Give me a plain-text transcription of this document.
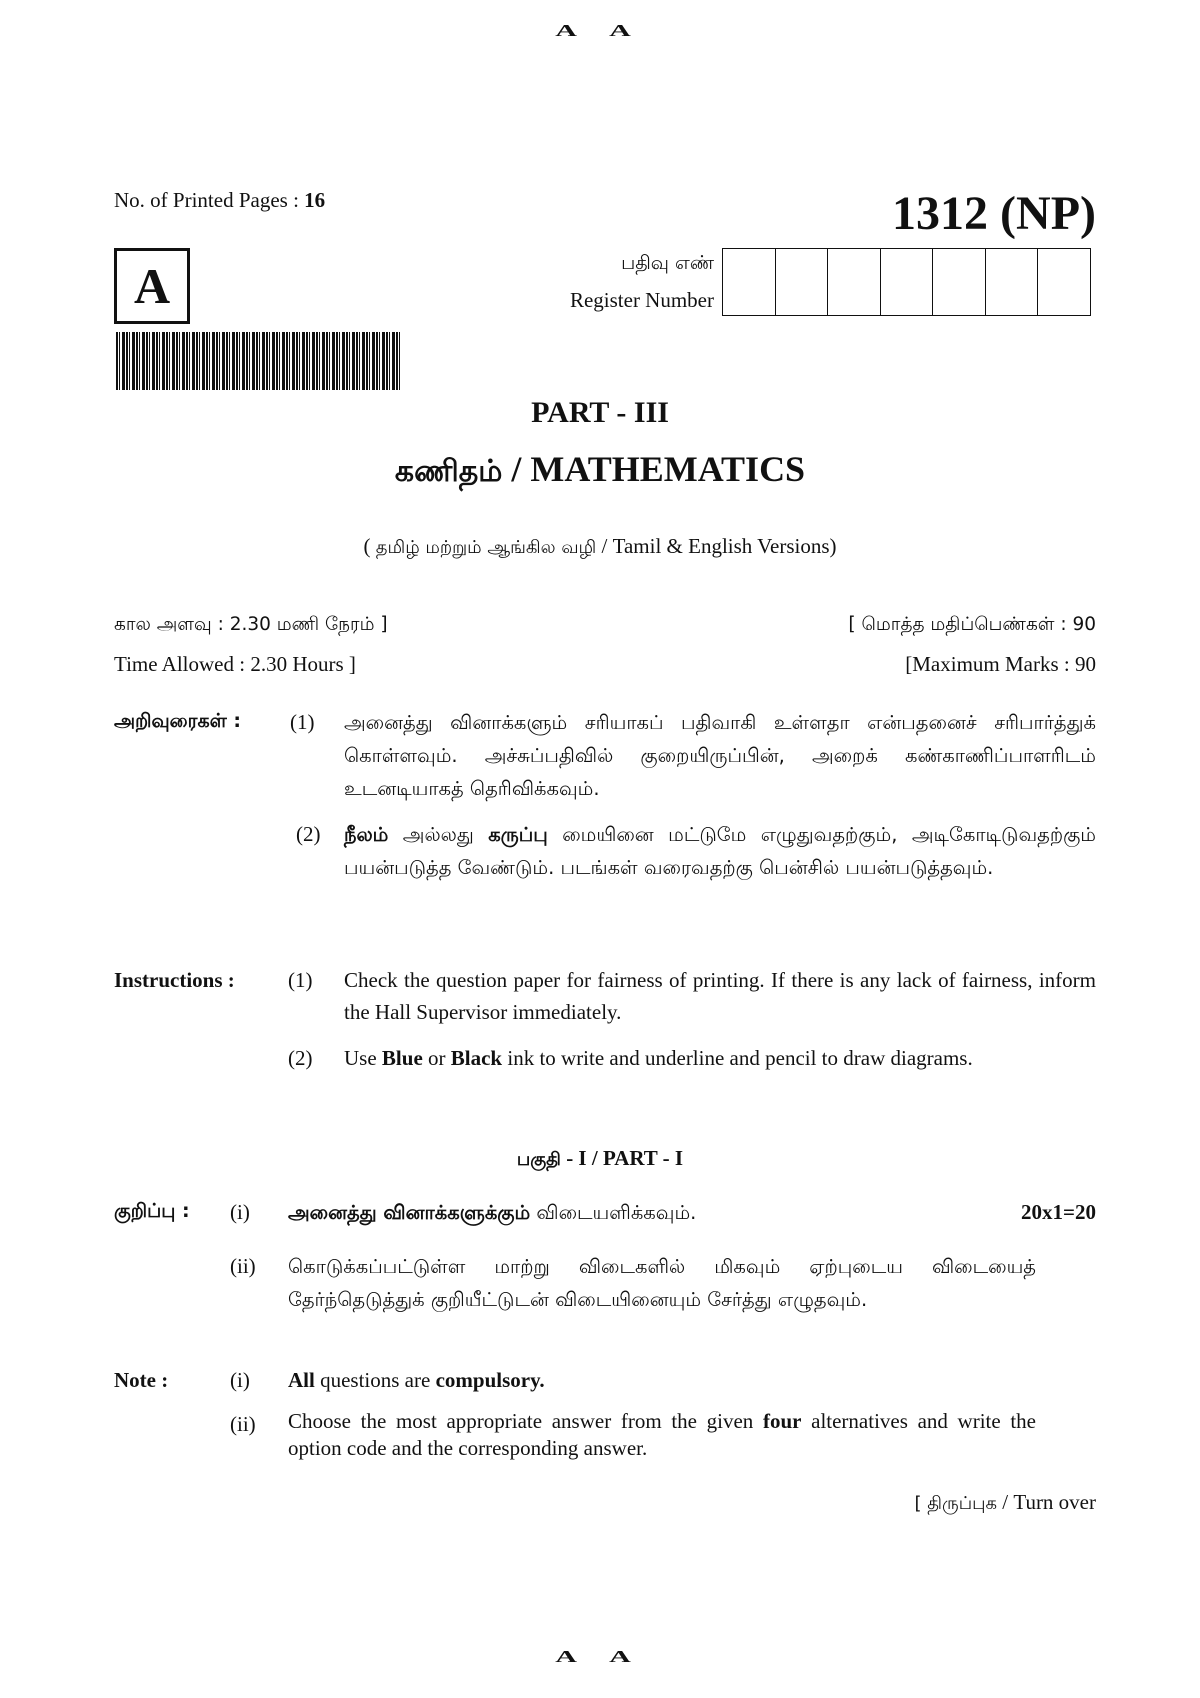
A A
No. of Printed Pages : 16	1312 (NP)
A	பதிவு எண்
Register Number
PART - III
கணிதம் / MATHEMATICS
( தமிழ் மற்றும் ஆங்கில வழி / Tamil & English Versions)
கால அளவு : 2.30 மணி நேரம் ]	[ மொத்த மதிப்பெண்கள் : 90
Time Allowed : 2.30 Hours ]	[Maximum Marks : 90
அறிவுரைகள் : (1) அனைத்து வினாக்களும் சரியாகப் பதிவாகி உள்ளதா என்பதனைச் சரிபார்த்துக் கொள்ளவும். அச்சுப்பதிவில் குறையிருப்பின், அறைக் கண்காணிப்பாளரிடம் உடனடியாகத் தெரிவிக்கவும்.
(2) நீலம் அல்லது கருப்பு மையினை மட்டுமே எழுதுவதற்கும், அடிகோடிடுவதற்கும் பயன்படுத்த வேண்டும். படங்கள் வரைவதற்கு பென்சில் பயன்படுத்தவும்.
Instructions :	(1) Check the question paper for fairness of printing. If there is any lack of fairness, inform the Hall Supervisor immediately.
(2) Use Blue or Black ink to write and underline and pencil to draw diagrams.
பகுதி - I / PART - I
குறிப்பு : (i) அனைத்து வினாக்களுக்கும் விடையளிக்கவும்.	20x1=20
(ii) கொடுக்கப்பட்டுள்ள மாற்று விடைகளில் மிகவும் ஏற்புடைய விடையைத் தேர்ந்தெடுத்துக் குறியீட்டுடன் விடையினையும் சேர்த்து எழுதவும்.
Note :	(i) All questions are compulsory.
(ii) Choose the most appropriate answer from the given four alternatives and write the option code and the corresponding answer.
[ திருப்புக / Turn over
A A
